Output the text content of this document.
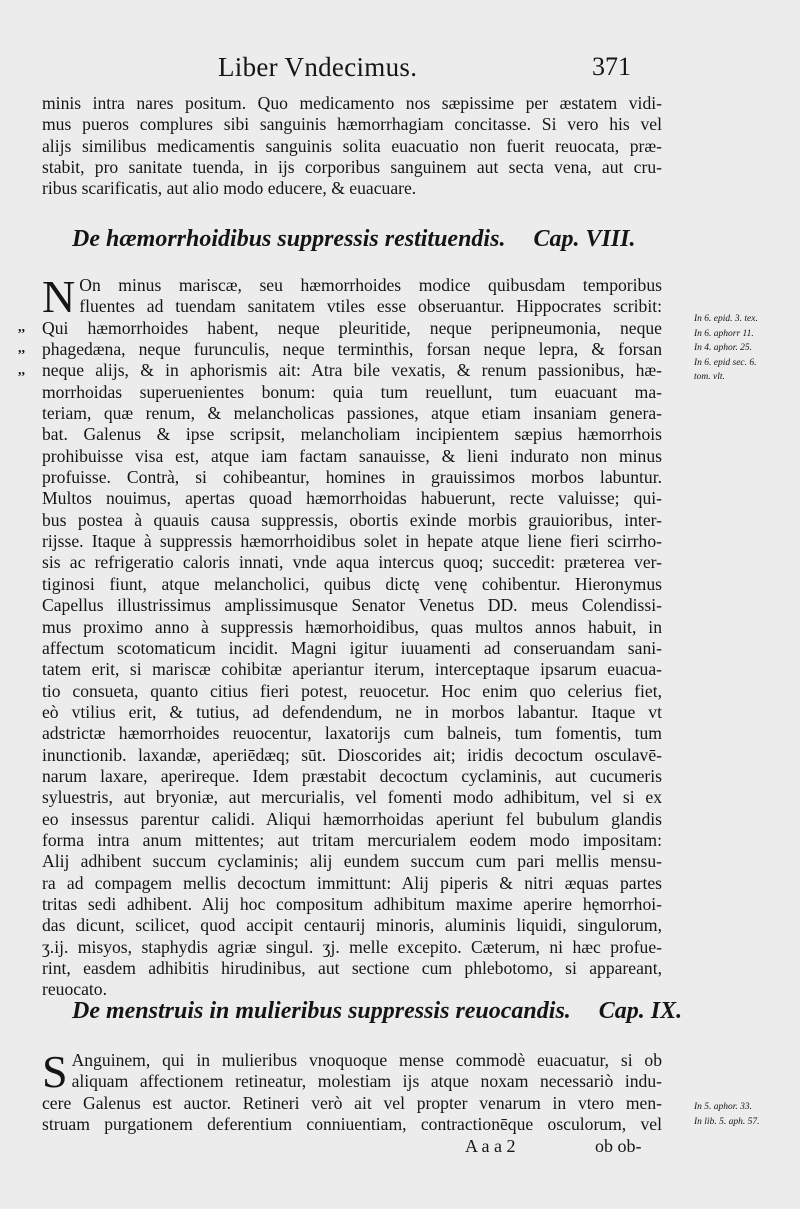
Liber Vndecimus.	371
minis intra nares positum. Quo medicamento nos sæpissime per æstatem vidi-
mus pueros complures sibi sanguinis hæmorrhagiam concitasse. Si vero his vel
alijs similibus medicamentis sanguinis solita euacuatio non fuerit reuocata, præ-
stabit, pro sanitate tuenda, in ijs corporibus sanguinem aut secta vena, aut cru-
ribus scarificatis, aut alio modo educere, & euacuare.
De hæmorrhoidibus suppressis restituendis. Cap. VIII.
,,
,,
,,
N On minus mariscæ, seu hæmorrhoides modice quibusdam temporibus
fluentes ad tuendam sanitatem vtiles esse obseruantur. Hippocrates scribit:
Qui hæmorrhoides habent, neque pleuritide, neque peripneumonia, neque
phagedæna, neque furunculis, neque terminthis, forsan neque lepra, & forsan
neque alijs, & in aphorismis ait: Atra bile vexatis, & renum passionibus, hæ-
morrhoidas superuenientes bonum: quia tum reuellunt, tum euacuant ma-
teriam, quæ renum, & melancholicas passiones, atque etiam insaniam genera-
bat. Galenus & ipse scripsit, melancholiam incipientem sæpius hæmorrhois
prohibuisse visa est, atque iam factam sanauisse, & lieni indurato non minus
profuisse. Contrà, si cohibeantur, homines in grauissimos morbos labuntur.
Multos nouimus, apertas quoad hæmorrhoidas habuerunt, recte valuisse; qui-
bus postea à quauis causa suppressis, obortis exinde morbis grauioribus, inter-
rijsse. Itaque à suppressis hæmorrhoidibus solet in hepate atque liene fieri scirrho-
sis ac refrigeratio caloris innati, vnde aqua intercus quoq; succedit: præterea ver-
tiginosi fiunt, atque melancholici, quibus dictę venę cohibentur. Hieronymus
Capellus illustrissimus amplissimusque Senator Venetus DD. meus Colendissi-
mus proximo anno à suppressis hæmorhoidibus, quas multos annos habuit, in
affectum scotomaticum incidit. Magni igitur iuuamenti ad conseruandam sani-
tatem erit, si mariscæ cohibitæ aperiantur iterum, interceptaque ipsarum euacua-
tio consueta, quanto citius fieri potest, reuocetur. Hoc enim quo celerius fiet,
eò vtilius erit, & tutius, ad defendendum, ne in morbos labantur. Itaque vt
adstrictæ hæmorrhoides reuocentur, laxatorijs cum balneis, tum fomentis, tum
inunctionib. laxandæ, aperiēdæq; sūt. Dioscorides ait; iridis decoctum osculavē-
narum laxare, aperireque. Idem præstabit decoctum cyclaminis, aut cucumeris
syluestris, aut bryoniæ, aut mercurialis, vel fomenti modo adhibitum, vel si ex
eo insessus parentur calidi. Aliqui hæmorrhoidas aperiunt fel bubulum glandis
forma intra anum mittentes; aut tritam mercurialem eodem modo impositam:
Alij adhibent succum cyclaminis; alij eundem succum cum pari mellis mensu-
ra ad compagem mellis decoctum immittunt: Alij piperis & nitri æquas partes
tritas sedi adhibent. Alij hoc compositum adhibitum maxime aperire hęmorrhoi-
das dicunt, scilicet, quod accipit centaurij minoris, aluminis liquidi, singulorum,
ʒ.ij. misyos, staphydis agriæ singul. ʒj. melle excepito. Cæterum, ni hæc profue-
rint, easdem adhibitis hirudinibus, aut sectione cum phlebotomo, si appareant,
reuocato.
In 6. epid. 3. tex.
In 6. aphorr 11.
In 4. aphor. 25.
In 6. epid sec. 6.
tom. vlt.
De menstruis in mulieribus suppressis reuocandis. Cap. IX.
S Anguinem, qui in mulieribus vnoquoque mense commodè euacuatur, si ob
aliquam affectionem retineatur, molestiam ijs atque noxam necessariò indu-
cere Galenus est auctor. Retineri verò ait vel propter venarum in vtero men-
struam purgationem deferentium conniuentiam, contractionēque osculorum, vel
In 5. aphor. 33.
In lib. 5. aph. 57.
A a a 2	ob ob-
